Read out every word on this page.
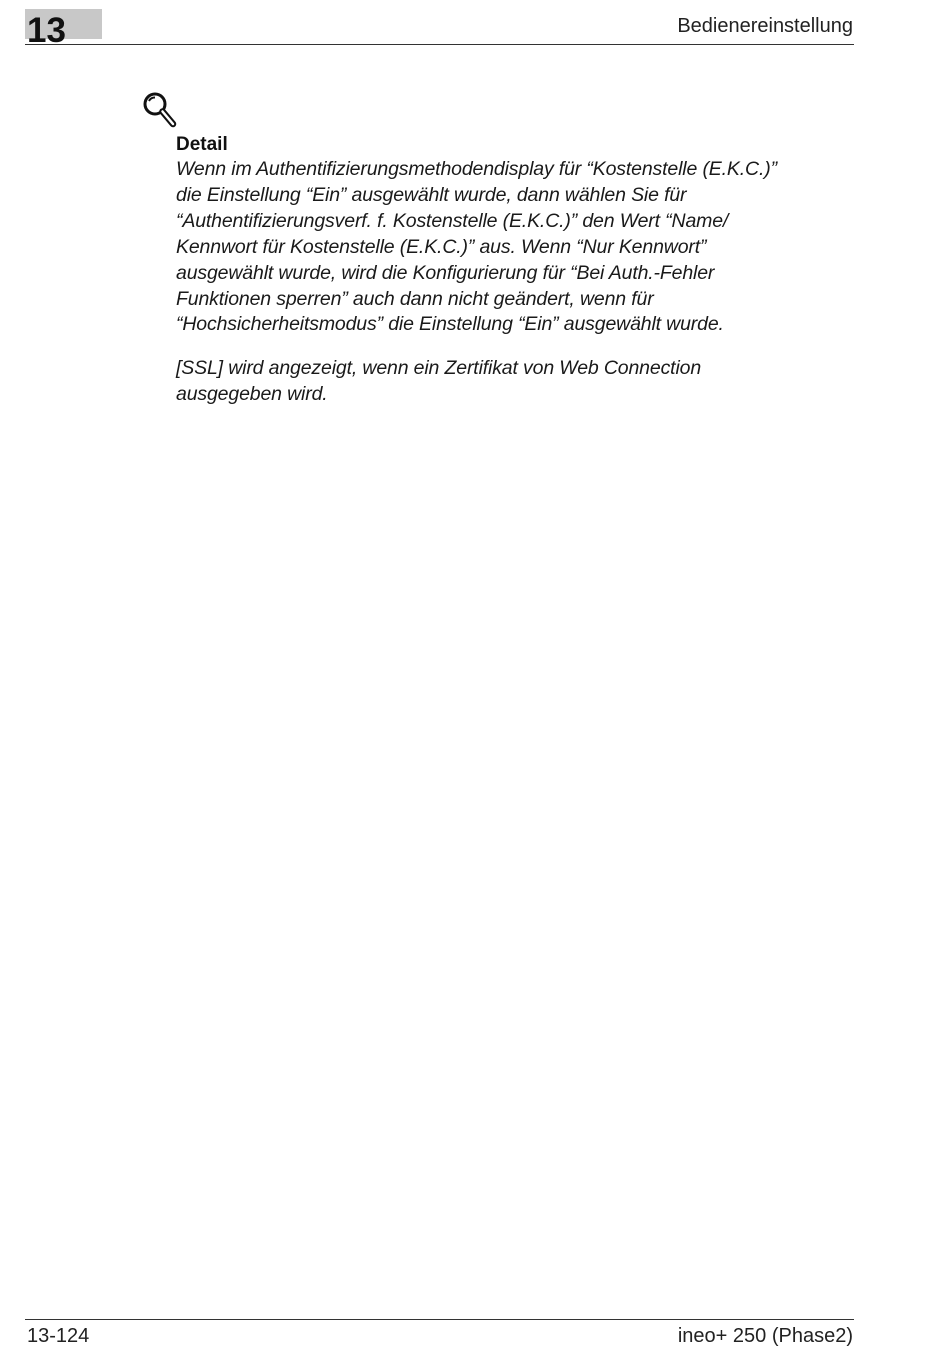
13	Bedienereinstellung

Detail

Wenn im Authentifizierungsmethodendisplay für “Kostenstelle (E.K.C.)”
die Einstellung “Ein” ausgewählt wurde, dann wählen Sie für
“Authentifizierungsverf. f. Kostenstelle (E.K.C.)” den Wert “Name/
Kennwort für Kostenstelle (E.K.C.)” aus. Wenn “Nur Kennwort”
ausgewählt wurde, wird die Konfigurierung für “Bei Auth.-Fehler
Funktionen sperren” auch dann nicht geändert, wenn für
“Hochsicherheitsmodus” die Einstellung “Ein” ausgewählt wurde.

[SSL] wird angezeigt, wenn ein Zertifikat von Web Connection
ausgegeben wird.

13-124	ineo+ 250 (Phase2)
